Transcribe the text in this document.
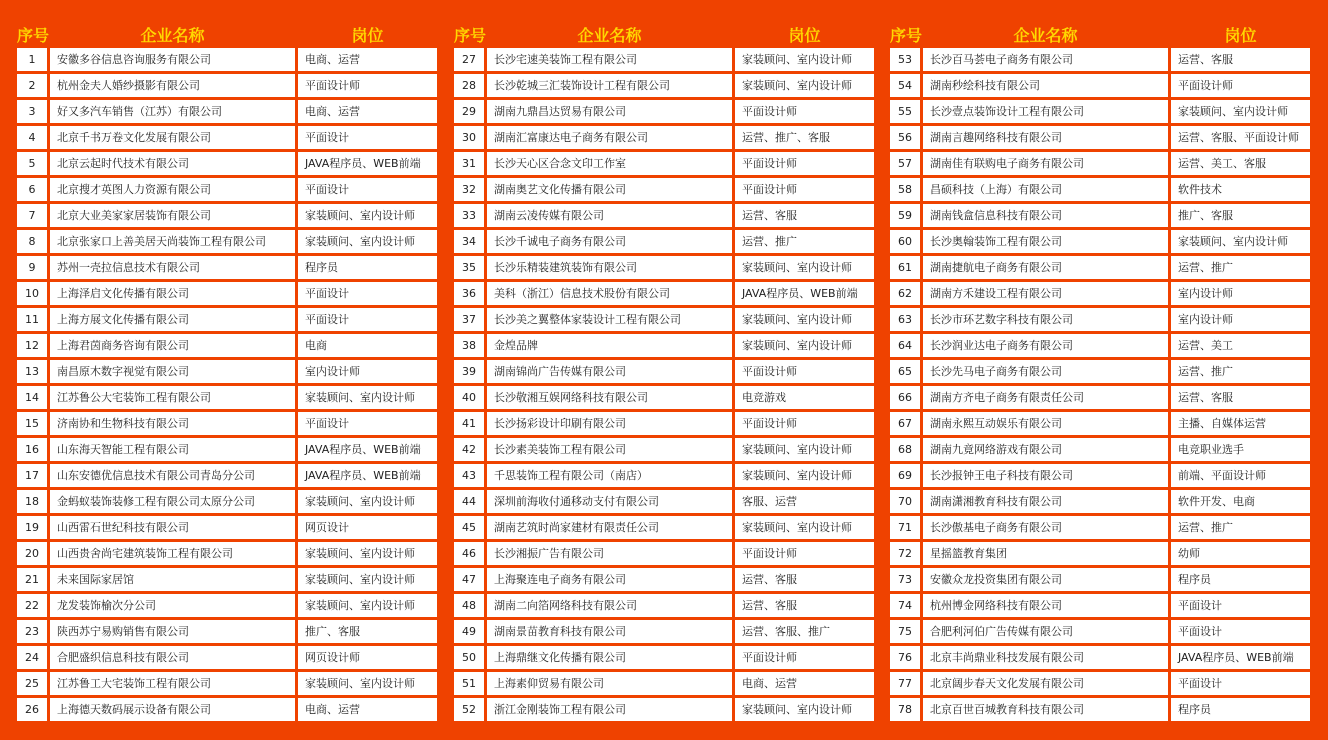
序号	企业名称	岗位
1	安徽多谷信息咨询服务有限公司	电商、运营
2	杭州金夫人婚纱摄影有限公司	平面设计师
3	好又多汽车销售（江苏）有限公司	电商、运营
4	北京千书万卷文化发展有限公司	平面设计
5	北京云起时代技术有限公司	JAVA程序员、WEB前端
6	北京搜才英图人力资源有限公司	平面设计
7	北京大业美家家居装饰有限公司	家装顾问、室内设计师
8	北京张家口上善美居天尚装饰工程有限公司	家装顾问、室内设计师
9	苏州一壳拉信息技术有限公司	程序员
10	上海泽启文化传播有限公司	平面设计
11	上海方展文化传播有限公司	平面设计
12	上海君茵商务咨询有限公司	电商
13	南昌原木数字视觉有限公司	室内设计师
14	江苏鲁公大宅装饰工程有限公司	家装顾问、室内设计师
15	济南协和生物科技有限公司	平面设计
16	山东海天智能工程有限公司	JAVA程序员、WEB前端
17	山东安德优信息技术有限公司青岛分公司	JAVA程序员、WEB前端
18	金蚂蚁装饰装修工程有限公司太原分公司	家装顾问、室内设计师
19	山西雷石世纪科技有限公司	网页设计
20	山西贵舍尚宅建筑装饰工程有限公司	家装顾问、室内设计师
21	未来国际家居馆	家装顾问、室内设计师
22	龙发装饰榆次分公司	家装顾问、室内设计师
23	陕西苏宁易购销售有限公司	推广、客服
24	合肥盛织信息科技有限公司	网页设计师
25	江苏鲁工大宅装饰工程有限公司	家装顾问、室内设计师
26	上海德天数码展示设备有限公司	电商、运营
序号	企业名称	岗位
27	长沙宅速美装饰工程有限公司	家装顾问、室内设计师
28	长沙乾城三汇装饰设计工程有限公司	家装顾问、室内设计师
29	湖南九鼎昌达贸易有限公司	平面设计师
30	湖南汇富康达电子商务有限公司	运营、推广、客服
31	长沙天心区合念文印工作室	平面设计师
32	湖南奥艺文化传播有限公司	平面设计师
33	湖南云凌传媒有限公司	运营、客服
34	长沙千诚电子商务有限公司	运营、推广
35	长沙乐精装建筑装饰有限公司	家装顾问、室内设计师
36	美科（浙江）信息技术股份有限公司	JAVA程序员、WEB前端
37	长沙美之翼整体家装设计工程有限公司	家装顾问、室内设计师
38	金煌品牌	家装顾问、室内设计师
39	湖南锦尚广告传媒有限公司	平面设计师
40	长沙敬湘互娱网络科技有限公司	电竞游戏
41	长沙扬彩设计印刷有限公司	平面设计师
42	长沙素美装饰工程有限公司	家装顾问、室内设计师
43	千思装饰工程有限公司（南店）	家装顾问、室内设计师
44	深圳前海收付通移动支付有限公司	客服、运营
45	湖南艺筑时尚家建材有限责任公司	家装顾问、室内设计师
46	长沙湘振广告有限公司	平面设计师
47	上海聚连电子商务有限公司	运营、客服
48	湖南二向箔网络科技有限公司	运营、客服
49	湖南景苗教育科技有限公司	运营、客服、推广
50	上海鼎继文化传播有限公司	平面设计师
51	上海素仰贸易有限公司	电商、运营
52	浙江金刚装饰工程有限公司	家装顾问、室内设计师
序号	企业名称	岗位
53	长沙百马荟电子商务有限公司	运营、客服
54	湖南秒绘科技有限公司	平面设计师
55	长沙壹点装饰设计工程有限公司	家装顾问、室内设计师
56	湖南言趣网络科技有限公司	运营、客服、平面设计师
57	湖南佳有联购电子商务有限公司	运营、美工、客服
58	昌硕科技（上海）有限公司	软件技术
59	湖南钱盒信息科技有限公司	推广、客服
60	长沙奥翰装饰工程有限公司	家装顾问、室内设计师
61	湖南捷航电子商务有限公司	运营、推广
62	湖南方禾建设工程有限公司	室内设计师
63	长沙市环艺数字科技有限公司	室内设计师
64	长沙润业达电子商务有限公司	运营、美工
65	长沙先马电子商务有限公司	运营、推广
66	湖南方齐电子商务有限责任公司	运营、客服
67	湖南永熙互动娱乐有限公司	主播、自媒体运营
68	湖南九竟网络游戏有限公司	电竞职业选手
69	长沙报钟王电子科技有限公司	前端、平面设计师
70	湖南潇湘教育科技有限公司	软件开发、电商
71	长沙傲基电子商务有限公司	运营、推广
72	星摇篮教育集团	幼师
73	安徽众龙投资集团有限公司	程序员
74	杭州博金网络科技有限公司	平面设计
75	合肥利河伯广告传媒有限公司	平面设计
76	北京丰尚鼎业科技发展有限公司	JAVA程序员、WEB前端
77	北京阔步春天文化发展有限公司	平面设计
78	北京百世百城教育科技有限公司	程序员
